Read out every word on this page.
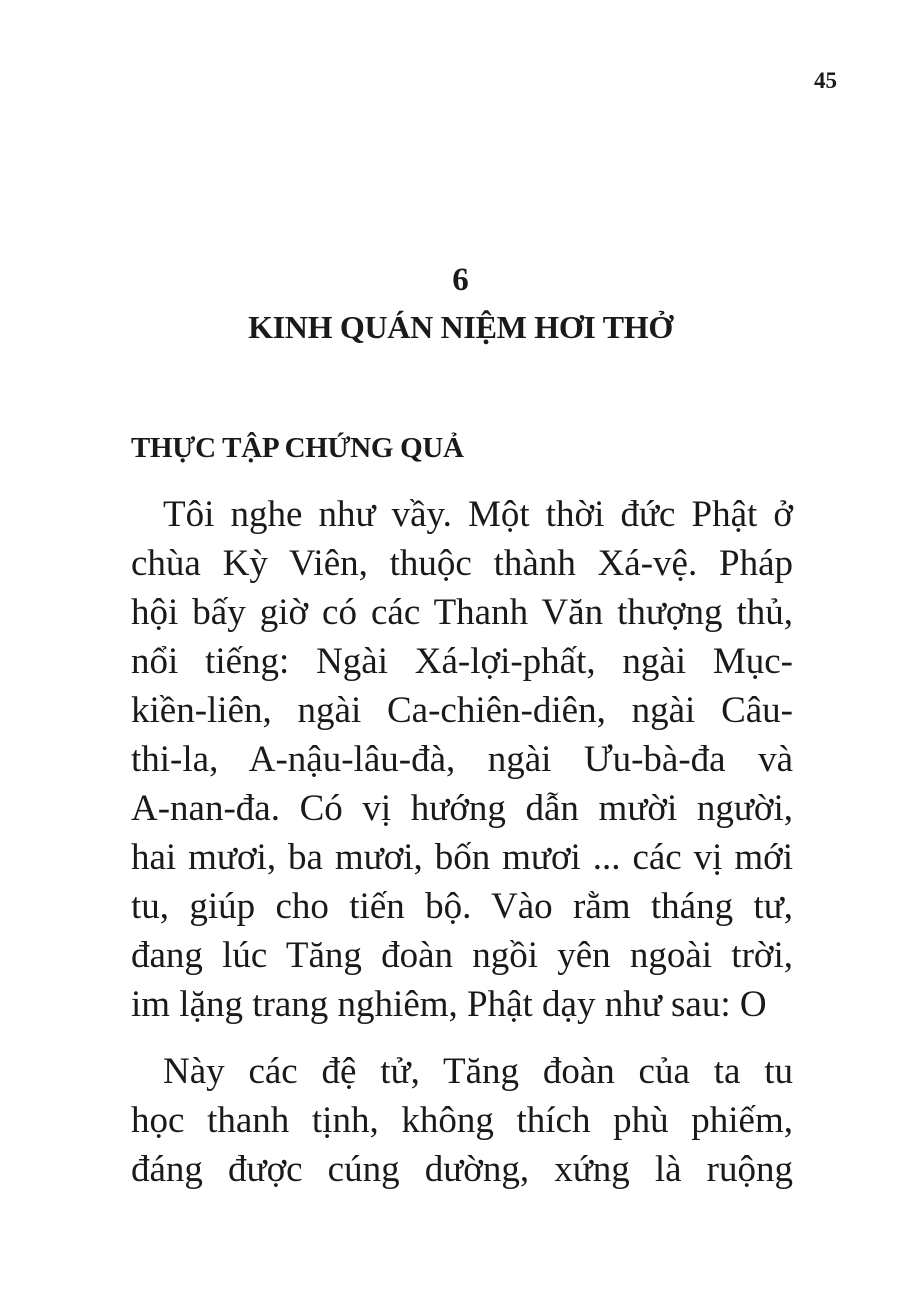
45
6
KINH QUÁN NIỆM HƠI THỞ
THỰC TẬP CHỨNG QUẢ

Tôi nghe như vầy. Một thời đức Phật ở
chùa Kỳ Viên, thuộc thành Xá-vệ. Pháp
hội bấy giờ có các Thanh Văn thượng thủ,
nổi tiếng: Ngài Xá-lợi-phất, ngài Mục-
kiền-liên, ngài Ca-chiên-diên, ngài Câu-
thi-la, A-nậu-lâu-đà, ngài Ưu-bà-đa và
A-nan-đa. Có vị hướng dẫn mười người,
hai mươi, ba mươi, bốn mươi ... các vị mới
tu, giúp cho tiến bộ. Vào rằm tháng tư,
đang lúc Tăng đoàn ngồi yên ngoài trời,
im lặng trang nghiêm, Phật dạy như sau: O

Này các đệ tử, Tăng đoàn của ta tu
học thanh tịnh, không thích phù phiếm,
đáng được cúng dường, xứng là ruộng
